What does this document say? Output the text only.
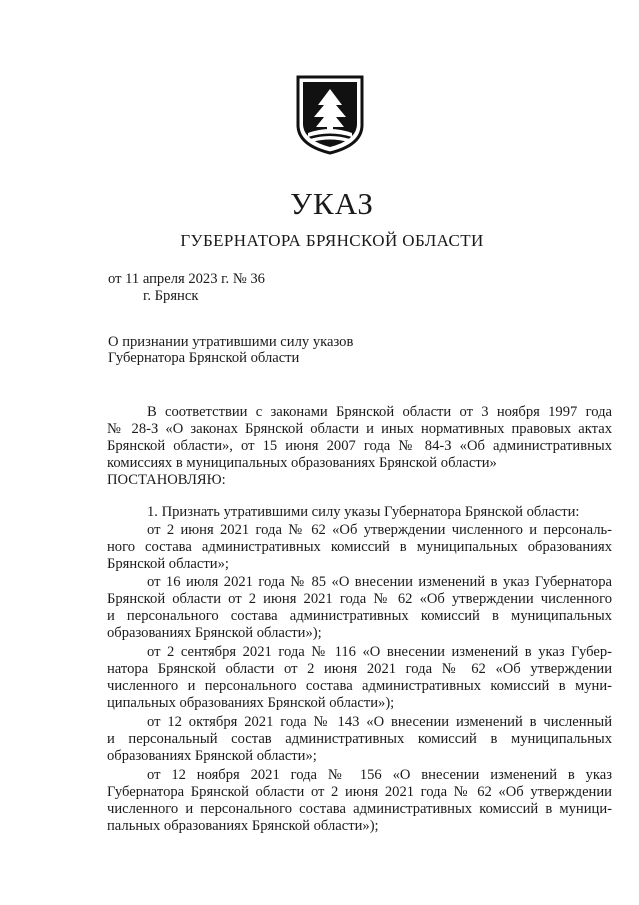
УКАЗ
ГУБЕРНАТОРА БРЯНСКОЙ ОБЛАСТИ
от 11 апреля 2023 г. № 36
г. Брянск
О признании утратившими силу указов
Губернатора Брянской области
В соответствии с законами Брянской области от 3 ноября 1997 года
№ 28-З «О законах Брянской области и иных нормативных правовых актах
Брянской области», от 15 июня 2007 года № 84-З «Об административных
комиссиях в муниципальных образованиях Брянской области»
ПОСТАНОВЛЯЮ:
1. Признать утратившими силу указы Губернатора Брянской области:
от 2 июня 2021 года № 62 «Об утверждении численного и персональ-
ного состава административных комиссий в муниципальных образованиях
Брянской области»;
от 16 июля 2021 года № 85 «О внесении изменений в указ Губернатора
Брянской области от 2 июня 2021 года № 62 «Об утверждении численного
и персонального состава административных комиссий в муниципальных
образованиях Брянской области»);
от 2 сентября 2021 года № 116 «О внесении изменений в указ Губер-
натора Брянской области от 2 июня 2021 года № 62 «Об утверждении
численного и персонального состава административных комиссий в муни-
ципальных образованиях Брянской области»);
от 12 октября 2021 года № 143 «О внесении изменений в численный
и персональный состав административных комиссий в муниципальных
образованиях Брянской области»;
от 12 ноября 2021 года № 156 «О внесении изменений в указ
Губернатора Брянской области от 2 июня 2021 года № 62 «Об утверждении
численного и персонального состава административных комиссий в муници-
пальных образованиях Брянской области»);
